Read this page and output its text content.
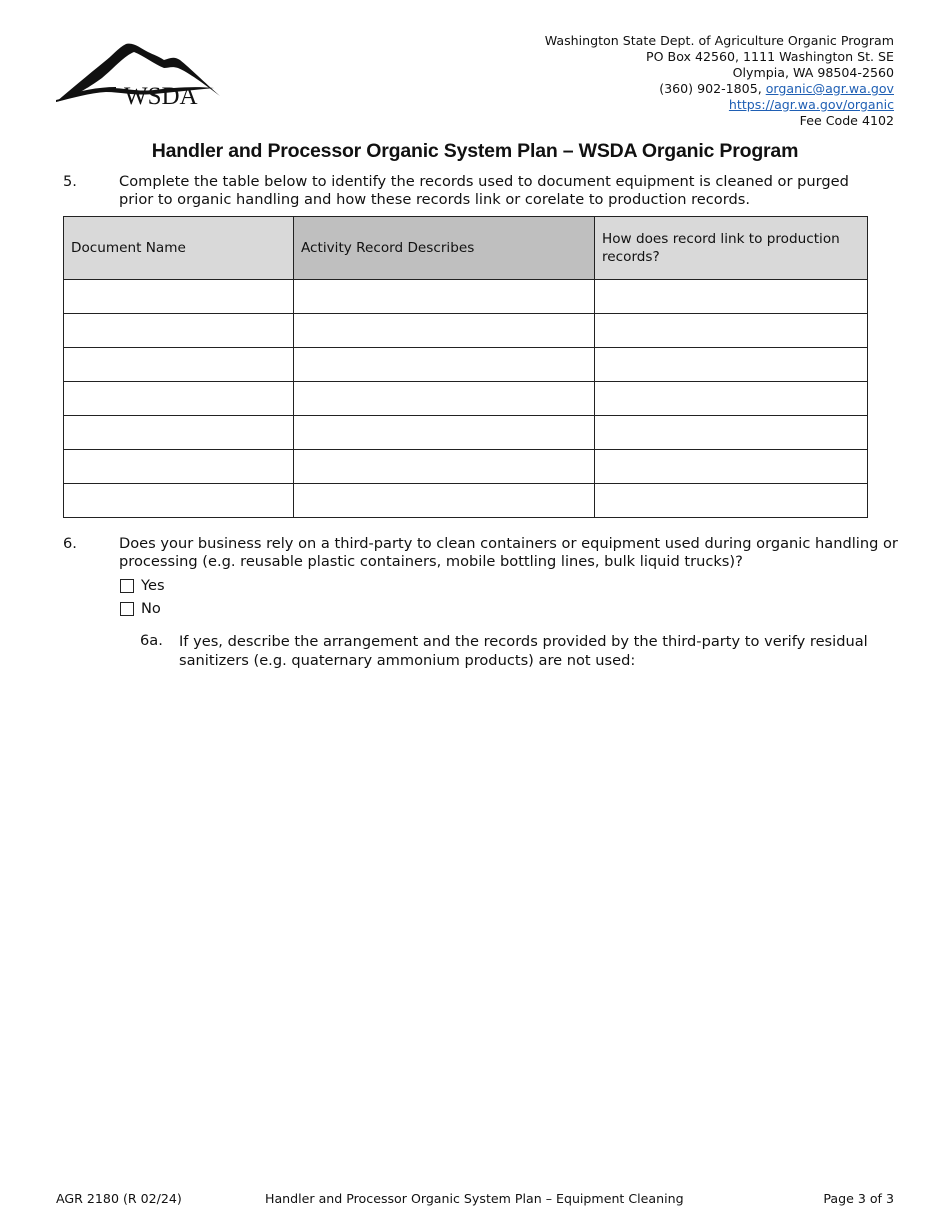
WSDA
Washington State Dept. of Agriculture Organic Program
PO Box 42560, 1111 Washington St. SE
Olympia, WA 98504-2560
(360) 902-1805, organic@agr.wa.gov
https://agr.wa.gov/organic
Fee Code 4102
Handler and Processor Organic System Plan – WSDA Organic Program
5.	Complete the table below to identify the records used to document equipment is cleaned or purged
prior to organic handling and how these records link or corelate to production records.
Document Name	Activity Record Describes	How does record link to production records?

6.	Does your business rely on a third-party to clean containers or equipment used during organic handling or
processing (e.g. reusable plastic containers, mobile bottling lines, bulk liquid trucks)?
Yes
No
6a. If yes, describe the arrangement and the records provided by the third-party to verify residual
sanitizers (e.g. quaternary ammonium products) are not used:
AGR 2180 (R 02/24)	Handler and Processor Organic System Plan – Equipment Cleaning	Page 3 of 3
